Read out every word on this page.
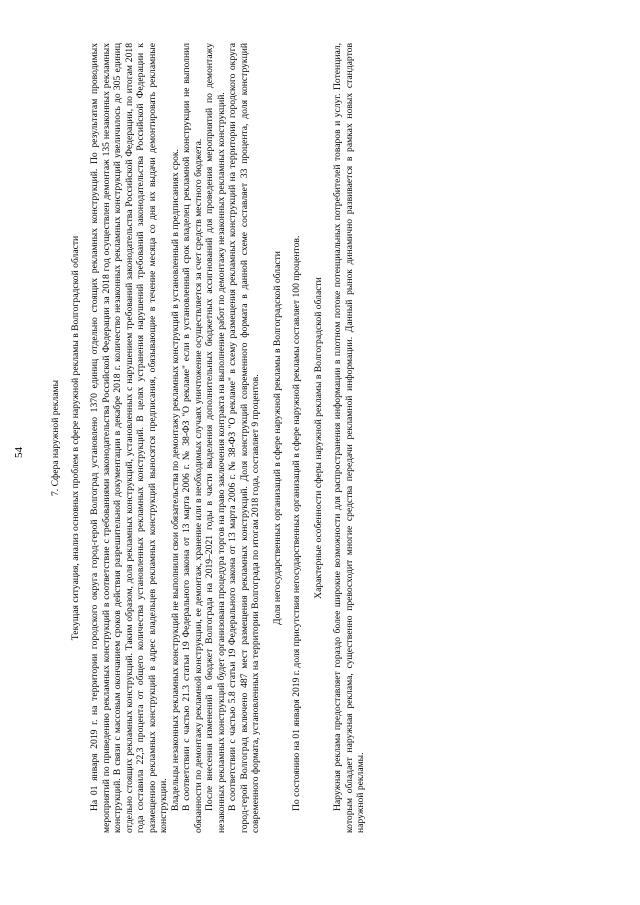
54	7. Сфера наружной рекламы Текущая ситуация, анализ основных проблем в сфере наружной рекламы в Волгоградской области На 01 января 2019 г. на территории городского округа город-герой Волгоград установлено 1370 единиц отдельно стоящих рекламных конструкций. По результатам проводимых мероприятий по приведению рекламных конструкций в соответствие с требованиями законодательства Российской Федерации за 2018 год осуществлен демонтаж 135 незаконных рекламных конструкций. В связи с массовым окончанием сроков действия разрешительной документации в декабре 2018 г. количество незаконных рекламных конструкций увеличилось до 305 единиц отдельно стоящих рекламных конструкций. Таким образом, доля рекламных конструкций, установленных с нарушением требований законодательства Российской Федерации, по итогам 2018 года составила 22,3 процента от общего количества установленных рекламных конструкций. В целях устранения нарушений требований законодательства Российской Федерации к размещению рекламных конструкций в адрес владельцев рекламных конструкций выносятся предписания, обязывающие в течение месяца со дня их выдачи демонтировать рекламные конструкции. Владельцы незаконных рекламных конструкций не выполнили свои обязательства по демонтажу рекламных конструкций в установленный в предписаниях срок. В соответствии с частью 21.3 статьи 19 Федерального закона от 13 марта 2006 г. № 38-ФЗ "О рекламе" если в установленный срок владелец рекламной конструкции не выполнил обязанности по демонтажу рекламной конструкции, ее демонтаж, хранение или в необходимых случаях уничтожение осуществляется за счет средств местного бюджета. После внесения изменений в бюджет Волгограда на 2019–2021 годы в части выделения дополнительных бюджетных ассигнований для проведения мероприятий по демонтажу незаконных рекламных конструкций будет организована процедура торгов на право заключения контракта на выполнение работ по демонтажу незаконных рекламных конструкций. В соответствии с частью 5.8 статьи 19 Федерального закона от 13 марта 2006 г. № 38-ФЗ "О рекламе" в схему размещения рекламных конструкций на территории городского округа город-герой Волгоград включено 487 мест размещения рекламных конструкций. Доля конструкций современного формата в данной схеме составляет 33 процента, доля конструкций современного формата, установленных на территории Волгограда по итогам 2018 года, составляет 9 процентов. Доля негосударственных организаций в сфере наружной рекламы в Волгоградской области По состоянию на 01 января 2019 г. доля присутствия негосударственных организаций в сфере наружной рекламы составляет 100 процентов. Характерные особенности сферы наружной рекламы в Волгоградской области Наружная реклама предоставляет гораздо более широкие возможности для распространения информации в плотном потоке потенциальных потребителей товаров и услуг. Потенциал, которым обладает наружная реклама, существенно превосходит многие средства передачи рекламной информации. Данный рынок динамично развивается в рамках новых стандартов наружной рекламы.
